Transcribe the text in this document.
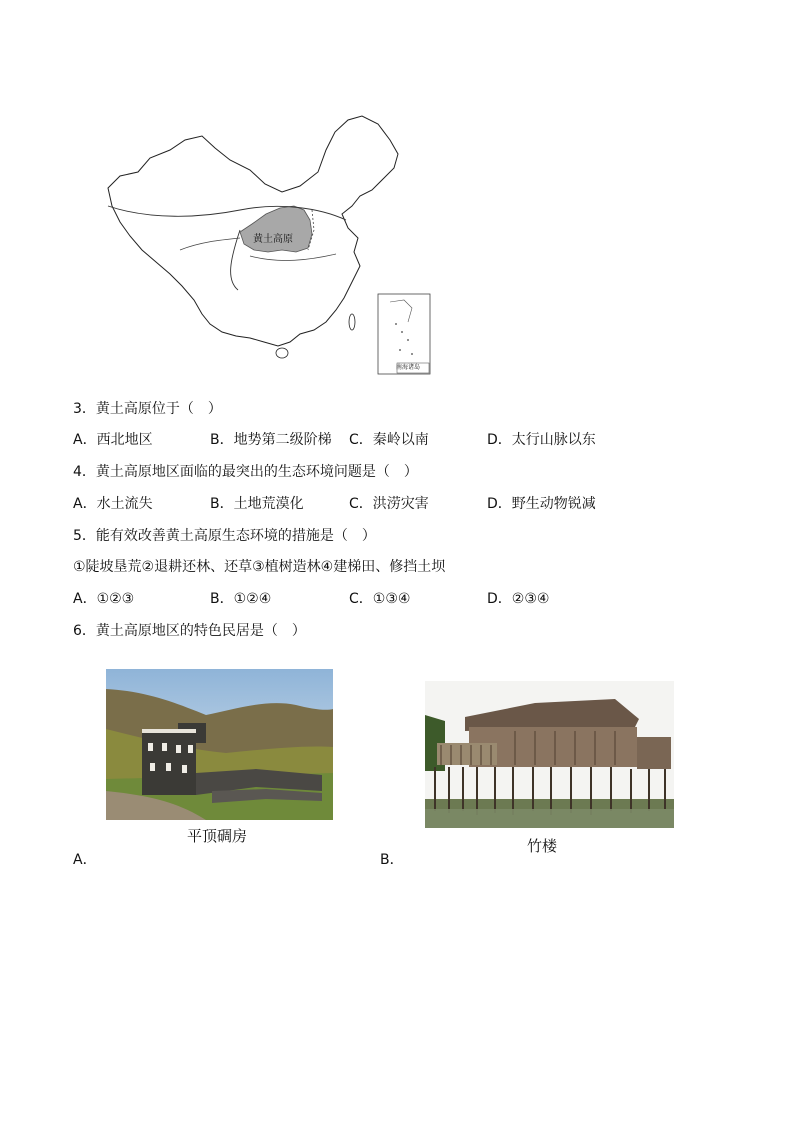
黄土高原
南海诸岛
3．黄土高原位于（　）
A．西北地区	B．地势第二级阶梯 C．秦岭以南	D．太行山脉以东
4．黄土高原地区面临的最突出的生态环境问题是（　）
A．水土流失	B．土地荒漠化	C．洪涝灾害	D．野生动物锐减
5．能有效改善黄土高原生态环境的措施是（　）
①陡坡垦荒②退耕还林、还草③植树造林④建梯田、修挡土坝
A．①②③	B．①②④	C．①③④	D．②③④
6．黄土高原地区的特色民居是（　）
平顶碉房
A．
竹楼
B．
